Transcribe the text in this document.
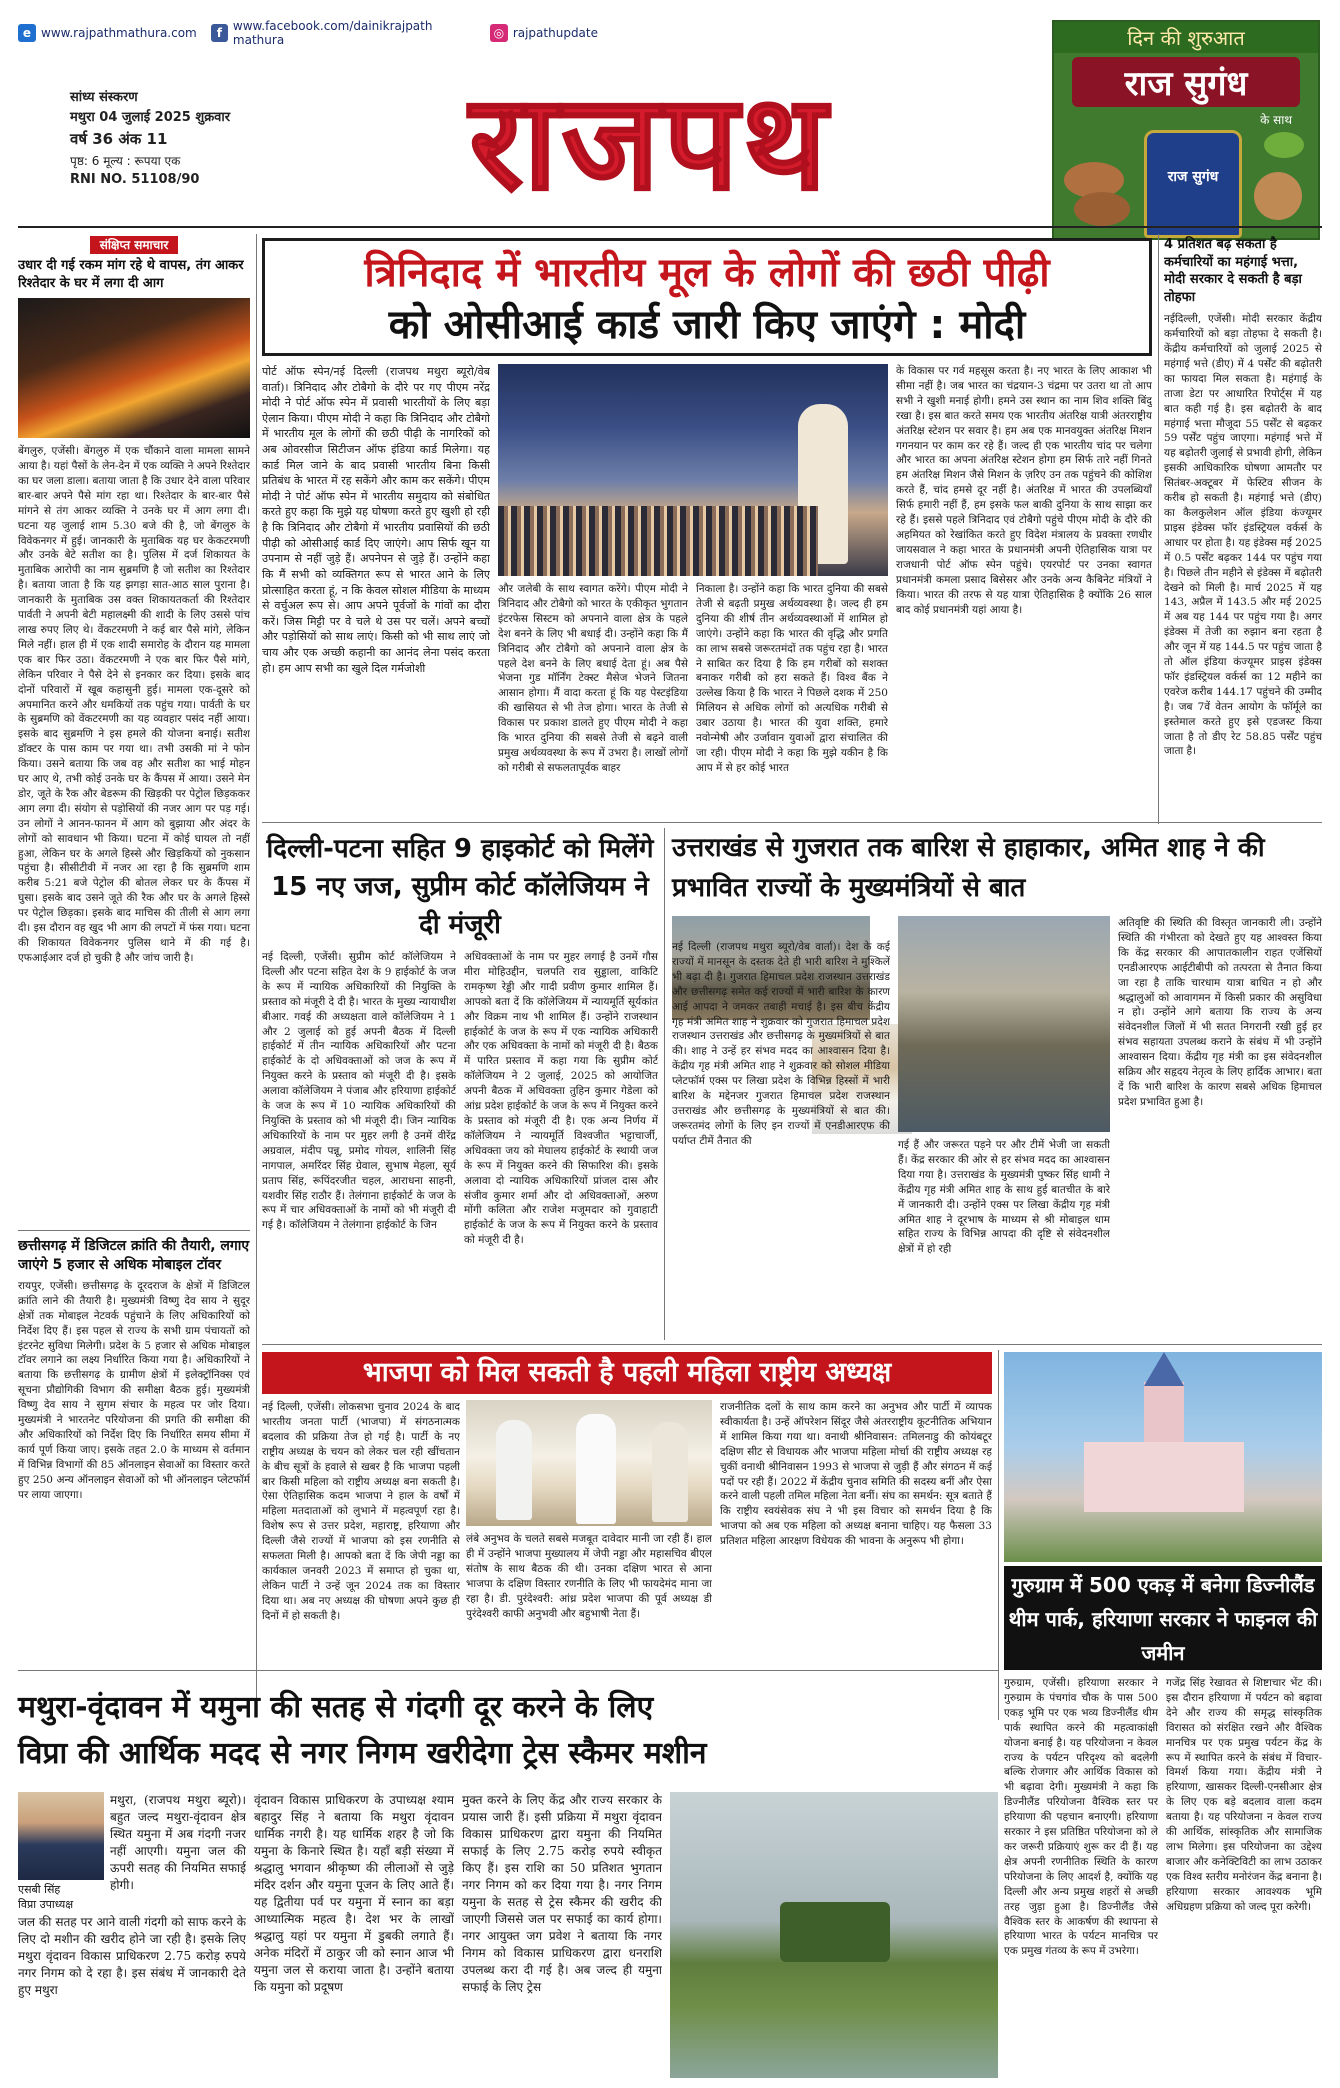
e www.rajpathmathura.com	f www.facebook.com/dainikrajpath mathura	◎ rajpathupdate
सांध्य संस्करण
मथुरा 04 जुलाई 2025 शुक्रवार
वर्ष 36 अंक 11
पृष्ठ: 6 मूल्य : रूपया एक
RNI NO. 51108/90	राजपथ
दिन की शुरुआत
राज सुगंध
के साथ
राज सुगंध
संक्षिप्त समाचार
उधार दी गई रकम मांग रहे थे वापस, तंग आकर रिश्तेदार के घर में लगा दी आग
बेंगलुरु, एजेंसी। बेंगलुरु में एक चौंकाने वाला मामला सामने आया है। यहां पैसों के लेन-देन में एक व्यक्ति ने अपने रिश्तेदार का घर जला डाला। बताया जाता है कि उधार देने वाला परिवार बार-बार अपने पैसे मांग रहा था। रिश्तेदार के बार-बार पैसे मांगने से तंग आकर व्यक्ति ने उनके घर में आग लगा दी। घटना यह जुलाई शाम 5.30 बजे की है, जो बेंगलुरु के विवेकनगर में हुई। जानकारी के मुताबिक यह घर केकटरमणी और उनके बेटे सतीश का है। पुलिस में दर्ज शिकायत के मुताबिक आरोपी का नाम सुब्रमणि है जो सतीश का रिश्तेदार है। बताया जाता है कि यह झगड़ा सात-आठ साल पुराना है। जानकारी के मुताबिक उस वक्त शिकायतकर्ता की रिश्तेदार पार्वती ने अपनी बेटी महालक्ष्मी की शादी के लिए उससे पांच लाख रुपए लिए थे। वेंकटरमणी ने कई बार पैसे मांगे, लेकिन मिले नहीं। हाल ही में एक शादी समारोह के दौरान यह मामला एक बार फिर उठा। वेंकटरमणी ने एक बार फिर पैसे मांगे, लेकिन परिवार ने पैसे देने से इनकार कर दिया। इसके बाद दोनों परिवारों में खूब कहासुनी हुई। मामला एक-दूसरे को अपमानित करने और धमकियों तक पहुंच गया। पार्वती के घर के सुब्रमणि को वेंकटरमणी का यह व्यवहार पसंद नहीं आया। इसके बाद सुब्रमणि ने इस हमले की योजना बनाई। सतीश डॉक्टर के पास काम पर गया था। तभी उसकी मां ने फोन किया। उसने बताया कि जब वह और सतीश का भाई मोहन घर आए थे, तभी कोई उनके घर के कैंपस में आया। उसने मेन डोर, जूते के रैक और बेडरूम की खिड़की पर पेट्रोल छिड़ककर आग लगा दी। संयोग से पड़ोसियों की नजर आग पर पड़ गई। उन लोगों ने आनन-फानन में आग को बुझाया और अंदर के लोगों को सावधान भी किया। घटना में कोई घायल तो नहीं हुआ, लेकिन घर के अगले हिस्से और खिड़कियों को नुकसान पहुंचा है। सीसीटीवी में नजर आ रहा है कि सुब्रमणि शाम करीब 5:21 बजे पेट्रोल की बोतल लेकर घर के कैंपस में घुसा। इसके बाद उसने जूते की रैक और घर के अगले हिस्से पर पेट्रोल छिड़का। इसके बाद माचिस की तीली से आग लगा दी। इस दौरान वह खुद भी आग की लपटों में फंस गया। घटना की शिकायत विवेकनगर पुलिस थाने में की गई है। एफआईआर दर्ज हो चुकी है और जांच जारी है।
छत्तीसगढ़ में डिजिटल क्रांति की तैयारी, लगाए जाएंगे 5 हजार से अधिक मोबाइल टॉवर
रायपुर, एजेंसी। छत्तीसगढ़ के दूरदराज के क्षेत्रों में डिजिटल क्रांति लाने की तैयारी है। मुख्यमंत्री विष्णु देव साय ने सुदूर क्षेत्रों तक मोबाइल नेटवर्क पहुंचाने के लिए अधिकारियों को निर्देश दिए हैं। इस पहल से राज्य के सभी ग्राम पंचायतों को इंटरनेट सुविधा मिलेगी। प्रदेश के 5 हजार से अधिक मोबाइल टॉवर लगाने का लक्ष्य निर्धारित किया गया है। अधिकारियों ने बताया कि छत्तीसगढ़ के ग्रामीण क्षेत्रों में इलेक्ट्रॉनिक्स एवं सूचना प्रौद्योगिकी विभाग की समीक्षा बैठक हुई। मुख्यमंत्री विष्णु देव साय ने सुगम संचार के महत्व पर जोर दिया। मुख्यमंत्री ने भारतनेट परियोजना की प्रगति की समीक्षा की और अधिकारियों को निर्देश दिए कि निर्धारित समय सीमा में कार्य पूर्ण किया जाए। इसके तहत 2.0 के माध्यम से वर्तमान में विभिन्न विभागों की 85 ऑनलाइन सेवाओं का विस्तार करते हुए 250 अन्य ऑनलाइन सेवाओं को भी ऑनलाइन प्लेटफॉर्म पर लाया जाएगा।
त्रिनिदाद में भारतीय मूल के लोगों की छठी पीढ़ी
को ओसीआई कार्ड जारी किए जाएंगे : मोदी
पोर्ट ऑफ स्पेन/नई दिल्ली (राजपथ मथुरा ब्यूरो/वेब वार्ता)। त्रिनिदाद और टोबैगो के दौरे पर गए पीएम नरेंद्र मोदी ने पोर्ट ऑफ स्पेन में प्रवासी भारतीयों के लिए बड़ा ऐलान किया। पीएम मोदी ने कहा कि त्रिनिदाद और टोबैगो में भारतीय मूल के लोगों की छठी पीढ़ी के नागरिकों को अब ओवरसीज सिटीजन ऑफ इंडिया कार्ड मिलेगा। यह कार्ड मिल जाने के बाद प्रवासी भारतीय बिना किसी प्रतिबंध के भारत में रह सकेंगे और काम कर सकेंगे। पीएम मोदी ने पोर्ट ऑफ स्पेन में भारतीय समुदाय को संबोधित करते हुए कहा कि मुझे यह घोषणा करते हुए खुशी हो रही है कि त्रिनिदाद और टोबैगो में भारतीय प्रवासियों की छठी पीढ़ी को ओसीआई कार्ड दिए जाएंगे। आप सिर्फ खून या उपनाम से नहीं जुड़े हैं। अपनेपन से जुड़े हैं। उन्होंने कहा कि मैं सभी को व्यक्तिगत रूप से भारत आने के लिए प्रोत्साहित करता हूं, न कि केवल सोशल मीडिया के माध्यम से वर्चुअल रूप से। आप अपने पूर्वजों के गांवों का दौरा करें। जिस मिट्टी पर वे चले थे उस पर चलें। अपने बच्चों और पड़ोसियों को साथ लाएं। किसी को भी साथ लाएं जो चाय और एक अच्छी कहानी का आनंद लेना पसंद करता हो। हम आप सभी का खुले दिल गर्मजोशी
और जलेबी के साथ स्वागत करेंगे। पीएम मोदी ने त्रिनिदाद और टोबैगो को भारत के एकीकृत भुगतान इंटरफेस सिस्टम को अपनाने वाला क्षेत्र के पहले देश बनने के लिए भी बधाई दी। उन्होंने कहा कि मैं त्रिनिदाद और टोबैगो को अपनाने वाला क्षेत्र के पहले देश बनने के लिए बधाई देता हूं। अब पैसे भेजना गुड मॉर्निंग टेक्स्ट मैसेज भेजने जितना आसान होगा। मैं वादा करता हूं कि यह पेस्टइंडिया की खासियत से भी तेज होगा। भारत के तेजी से विकास पर प्रकाश डालते हुए पीएम मोदी ने कहा कि भारत दुनिया की सबसे तेजी से बढ़ने वाली प्रमुख अर्थव्यवस्था के रूप में उभरा है। लाखों लोगों को गरीबी से सफलतापूर्वक बाहर
निकाला है। उन्होंने कहा कि भारत दुनिया की सबसे तेजी से बढ़ती प्रमुख अर्थव्यवस्था है। जल्द ही हम दुनिया की शीर्ष तीन अर्थव्यवस्थाओं में शामिल हो जाएंगे। उन्होंने कहा कि भारत की वृद्धि और प्रगति का लाभ सबसे जरूरतमंदों तक पहुंच रहा है। भारत ने साबित कर दिया है कि हम गरीबों को सशक्त बनाकर गरीबी को हरा सकते हैं। विश्व बैंक ने उल्लेख किया है कि भारत ने पिछले दशक में 250 मिलियन से अधिक लोगों को अत्यधिक गरीबी से उबार उठाया है। भारत की युवा शक्ति, हमारे नवोन्मेषी और उर्जावान युवाओं द्वारा संचालित की जा रही। पीएम मोदी ने कहा कि मुझे यकीन है कि आप में से हर कोई भारत
के विकास पर गर्व महसूस करता है। नए भारत के लिए आकाश भी सीमा नहीं है। जब भारत का चंद्रयान-3 चंद्रमा पर उतरा था तो आप सभी ने खुशी मनाई होगी। हमने उस स्थान का नाम शिव शक्ति बिंदु रखा है। इस बात करते समय एक भारतीय अंतरिक्ष यात्री अंतरराष्ट्रीय अंतरिक्ष स्टेशन पर सवार है। हम अब एक मानवयुक्त अंतरिक्ष मिशन गगनयान पर काम कर रहे हैं। जल्द ही एक भारतीय चांद पर चलेगा और भारत का अपना अंतरिक्ष स्टेशन होगा हम सिर्फ तारे नहीं गिनते हम अंतरिक्ष मिशन जैसे मिशन के ज़रिए उन तक पहुंचने की कोशिश करते हैं, चांद हमसे दूर नहीं है। अंतरिक्ष में भारत की उपलब्धियाँ सिर्फ हमारी नहीं हैं, हम इसके फल बाकी दुनिया के साथ साझा कर रहे हैं। इससे पहले त्रिनिदाद एवं टोबैगो पहुंचे पीएम मोदी के दौरे की अहमियत को रेखांकित करते हुए विदेश मंत्रालय के प्रवक्ता रणधीर जायसवाल ने कहा भारत के प्रधानमंत्री अपनी ऐतिहासिक यात्रा पर राजधानी पोर्ट ऑफ स्पेन पहुंचे। एयरपोर्ट पर उनका स्वागत प्रधानमंत्री कमला प्रसाद बिसेसर और उनके अन्य कैबिनेट मंत्रियों ने किया। भारत की तरफ से यह यात्रा ऐतिहासिक है क्योंकि 26 साल बाद कोई प्रधानमंत्री यहां आया है।
4 प्रतिशत बढ़ सकता है कर्मचारियों का महंगाई भत्ता, मोदी सरकार दे सकती है बड़ा तोहफा
नईदिल्ली, एजेंसी। मोदी सरकार केंद्रीय कर्मचारियों को बड़ा तोहफा दे सकती है। केंद्रीय कर्मचारियों को जुलाई 2025 से महंगाई भत्ते (डीए) में 4 पर्सेंट की बढ़ोतरी का फायदा मिल सकता है। महंगाई के ताजा डेटा पर आधारित रिपोर्ट्स में यह बात कही गई है। इस बढ़ोतरी के बाद महंगाई भत्ता मौजूदा 55 पर्सेंट से बढ़कर 59 पर्सेंट पहुंच जाएगा। महंगाई भत्ते में यह बढ़ोतरी जुलाई से प्रभावी होगी, लेकिन इसकी आधिकारिक घोषणा आमतौर पर सितंबर-अक्टूबर में फेस्टिव सीजन के करीब हो सकती है। महंगाई भत्ते (डीए) का कैलकुलेशन ऑल इंडिया कंज्यूमर प्राइस इंडेक्स फॉर इंडस्ट्रियल वर्कर्स के आधार पर होता है। यह इंडेक्स मई 2025 में 0.5 पर्सेंट बढ़कर 144 पर पहुंच गया है। पिछले तीन महीने से इंडेक्स में बढ़ोतरी देखने को मिली है। मार्च 2025 में यह 143, अप्रैल में 143.5 और मई 2025 में अब यह 144 पर पहुंच गया है। अगर इंडेक्स में तेजी का रुझान बना रहता है और जून में यह 144.5 पर पहुंच जाता है तो ऑल इंडिया कंज्यूमर प्राइस इंडेक्स फॉर इंडस्ट्रियल वर्कर्स का 12 महीने का एवरेज करीब 144.17 पहुंचने की उम्मीद है। जब 7वें वेतन आयोग के फॉर्मूले का इस्तेमाल करते हुए इसे एडजस्ट किया जाता है तो डीए रेट 58.85 पर्सेंट पहुंच जाता है।
दिल्ली-पटना सहित 9 हाइकोर्ट को मिलेंगे 15 नए जज, सुप्रीम कोर्ट कॉलेजियम ने दी मंजूरी
नई दिल्ली, एजेंसी। सुप्रीम कोर्ट कॉलेजियम ने दिल्ली और पटना सहित देश के 9 हाईकोर्ट के जज के रूप में न्यायिक अधिकारियों की नियुक्ति के प्रस्ताव को मंजूरी दे दी है। भारत के मुख्य न्यायाधीश बीआर. गवई की अध्यक्षता वाले कॉलेजियम ने 1 और 2 जुलाई को हुई अपनी बैठक में दिल्ली हाईकोर्ट में तीन न्यायिक अधिकारियों और पटना हाईकोर्ट के दो अधिवक्ताओं को जज के रूप में नियुक्त करने के प्रस्ताव को मंजूरी दी है। इसके अलावा कॉलेजियम ने पंजाब और हरियाणा हाईकोर्ट के जज के रूप में 10 न्यायिक अधिकारियों की नियुक्ति के प्रस्ताव को भी मंजूरी दी। जिन न्यायिक अधिकारियों के नाम पर मुहर लगी है उनमें वीरेंद्र अग्रवाल, मंदीप पन्नू, प्रमोद गोयल, शालिनी सिंह नागपाल, अमरिंदर सिंह ग्रेवाल, सुभाष मेहला, सूर्य प्रताप सिंह, रूपिंदरजीत चहल, आराधना साहनी, यशवीर सिंह राठौर हैं। तेलंगाना हाईकोर्ट के जज के रूप में चार अधिवक्ताओं के नामों को भी मंजूरी दी गई है। कॉलेजियम ने तेलंगाना हाईकोर्ट के जिन
अधिवक्ताओं के नाम पर मुहर लगाई है उनमें गौस मीरा मोहिउद्दीन, चलपति राव सुड्डाला, वाकिटि रामकृष्ण रेड्डी और गादी प्रवीण कुमार शामिल हैं। आपको बता दें कि कॉलेजियम में न्यायमूर्ति सूर्यकांत और विक्रम नाथ भी शामिल हैं। उन्होंने राजस्थान हाईकोर्ट के जज के रूप में एक न्यायिक अधिकारी और एक अधिवक्ता के नामों को मंजूरी दी है। बैठक में पारित प्रस्ताव में कहा गया कि सुप्रीम कोर्ट कॉलेजियम ने 2 जुलाई, 2025 को आयोजित अपनी बैठक में अधिवक्ता तुहिन कुमार गेडेला को आंध्र प्रदेश हाईकोर्ट के जज के रूप में नियुक्त करने के प्रस्ताव को मंजूरी दी है। एक अन्य निर्णय में कॉलेजियम ने न्यायमूर्ति विश्वजीत भट्टाचार्जी, अधिवक्ता जय को मेघालय हाईकोर्ट के स्थायी जज के रूप में नियुक्त करने की सिफारिश की। इसके अलावा दो न्यायिक अधिकारियों प्रांजल दास और संजीव कुमार शर्मा और दो अधिवक्ताओं, अरुण मोंगी कलिता और राजेश मजूमदार को गुवाहाटी हाईकोर्ट के जज के रूप में नियुक्त करने के प्रस्ताव को मंजूरी दी है।
उत्तराखंड से गुजरात तक बारिश से हाहाकार, अमित शाह ने की प्रभावित राज्यों के मुख्यमंत्रियों से बात
नई दिल्ली (राजपथ मथुरा ब्यूरो/वेब वार्ता)। देश के कई राज्यों में मानसून के दस्तक देते ही भारी बारिश ने मुश्किलें भी बढ़ा दी है। गुजरात हिमाचल प्रदेश राजस्थान उत्तराखंड और छत्तीसगढ़ समेत कई राज्यों में भारी बारिश के कारण आई आपदा ने जमकर तबाही मचाई है। इस बीच केंद्रीय गृह मंत्री अमित शाह ने शुक्रवार को गुजरात हिमाचल प्रदेश राजस्थान उत्तराखंड और छत्तीसगढ़ के मुख्यमंत्रियों से बात की। शाह ने उन्हें हर संभव मदद का आश्वासन दिया है। केंद्रीय गृह मंत्री अमित शाह ने शुक्रवार को सोशल मीडिया प्लेटफॉर्म एक्स पर लिखा प्रदेश के विभिन्न हिस्सों में भारी बारिश के मद्देनजर गुजरात हिमाचल प्रदेश राजस्थान उत्तराखंड और छत्तीसगढ़ के मुख्यमंत्रियों से बात की। जरूरतमंद लोगों के लिए इन राज्यों में एनडीआरएफ की पर्याप्त टीमें तैनात की	गई हैं और जरूरत पड़ने पर और टीमें भेजी जा सकती हैं। केंद्र सरकार की ओर से हर संभव मदद का आश्वासन दिया गया है। उत्तराखंड के मुख्यमंत्री पुष्कर सिंह धामी ने केंद्रीय गृह मंत्री अमित शाह के साथ हुई बातचीत के बारे में जानकारी दी। उन्होंने एक्स पर लिखा केंद्रीय गृह मंत्री अमित शाह ने दूरभाष के माध्यम से श्री मोबाइल धाम सहित राज्य के विभिन्न आपदा की दृष्टि से संवेदनशील क्षेत्रों में हो रही
अतिवृष्टि की स्थिति की विस्तृत जानकारी ली। उन्होंने स्थिति की गंभीरता को देखते हुए यह आश्वस्त किया कि केंद्र सरकार की आपातकालीन राहत एजेंसियों एनडीआरएफ आईटीबीपी को तत्परता से तैनात किया जा रहा है ताकि चारधाम यात्रा बाधित न हो और श्रद्धालुओं को आवागमन में किसी प्रकार की असुविधा न हो। उन्होंने आगे बताया कि राज्य के अन्य संवेदनशील जिलों में भी सतत निगरानी रखी हुई हर संभव सहायता उपलब्ध कराने के संबंध में भी उन्होंने आश्वासन दिया। केंद्रीय गृह मंत्री का इस संवेदनशील सक्रिय और सहृदय नेतृत्व के लिए हार्दिक आभार। बता दें कि भारी बारिश के कारण सबसे अधिक हिमाचल प्रदेश प्रभावित हुआ है।
भाजपा को मिल सकती है पहली महिला राष्ट्रीय अध्यक्ष
नई दिल्ली, एजेंसी। लोकसभा चुनाव 2024 के बाद भारतीय जनता पार्टी (भाजपा) में संगठनात्मक बदलाव की प्रक्रिया तेज हो गई है। पार्टी के नए राष्ट्रीय अध्यक्ष के चयन को लेकर चल रही खींचतान के बीच सूत्रों के हवाले से खबर है कि भाजपा पहली बार किसी महिला को राष्ट्रीय अध्यक्ष बना सकती है। ऐसा ऐतिहासिक कदम भाजपा ने हाल के वर्षों में महिला मतदाताओं को लुभाने में महत्वपूर्ण रहा है। विशेष रूप से उत्तर प्रदेश, महाराष्ट्र, हरियाणा और दिल्ली जैसे राज्यों में भाजपा को इस रणनीति से सफलता मिली है। आपको बता दें कि जेपी नड्डा का कार्यकाल जनवरी 2023 में समाप्त हो चुका था, लेकिन पार्टी ने उन्हें जून 2024 तक का विस्तार दिया था। अब नए अध्यक्ष की घोषणा अपने कुछ ही दिनों में हो सकती है।
लंबे अनुभव के चलते सबसे मजबूत दावेदार मानी जा रही हैं। हाल ही में उन्होंने भाजपा मुख्यालय में जेपी नड्डा और महासचिव बीएल संतोष के साथ बैठक की थी। उनका दक्षिण भारत से आना भाजपा के दक्षिण विस्तार रणनीति के लिए भी फायदेमंद माना जा रहा है। डी. पुरंदेश्वरी: आंध्र प्रदेश भाजपा की पूर्व अध्यक्ष डी पुरंदेश्वरी काफी अनुभवी और बहुभाषी नेता हैं।
राजनीतिक दलों के साथ काम करने का अनुभव और पार्टी में व्यापक स्वीकार्यता है। उन्हें ऑपरेशन सिंदूर जैसे अंतरराष्ट्रीय कूटनीतिक अभियान में शामिल किया गया था। वनाथी श्रीनिवासन: तमिलनाडु की कोयंबटूर दक्षिण सीट से विधायक और भाजपा महिला मोर्चा की राष्ट्रीय अध्यक्ष रह चुकीं वनाथी श्रीनिवासन 1993 से भाजपा से जुड़ी हैं और संगठन में कई पदों पर रही हैं। 2022 में केंद्रीय चुनाव समिति की सदस्य बनीं और ऐसा करने वाली पहली तमिल महिला नेता बनीं। संघ का समर्थन: सूत्र बताते हैं कि राष्ट्रीय स्वयंसेवक संघ ने भी इस विचार को समर्थन दिया है कि भाजपा को अब एक महिला को अध्यक्ष बनाना चाहिए। यह फैसला 33 प्रतिशत महिला आरक्षण विधेयक की भावना के अनुरूप भी होगा।
गुरुग्राम में 500 एकड़ में बनेगा डिज्नीलैंड थीम पार्क, हरियाणा सरकार ने फाइनल की जमीन
गुरुग्राम, एजेंसी। हरियाणा सरकार ने गुरुग्राम के पंचगांव चौक के पास 500 एकड़ भूमि पर एक भव्य डिज्नीलैंड थीम पार्क स्थापित करने की महत्वाकांक्षी योजना बनाई है। यह परियोजना न केवल राज्य के पर्यटन परिदृश्य को बदलेगी बल्कि रोजगार और आर्थिक विकास को भी बढ़ावा देगी। मुख्यमंत्री ने कहा कि डिज्नीलैंड परियोजना वैश्विक स्तर पर हरियाणा की पहचान बनाएगी। हरियाणा सरकार ने इस प्रतिष्ठित परियोजना को ले कर जरूरी प्रक्रियाएं शुरू कर दी हैं। यह क्षेत्र अपनी रणनीतिक स्थिति के कारण परियोजना के लिए आदर्श है, क्योंकि यह दिल्ली और अन्य प्रमुख शहरों से अच्छी तरह जुड़ा हुआ है। डिज्नीलैंड जैसे वैश्विक स्तर के आकर्षण की स्थापना से हरियाणा भारत के पर्यटन मानचित्र पर एक प्रमुख गंतव्य के रूप में उभरेगा।
गजेंद्र सिंह रेखावत से शिष्टाचार भेंट की। इस दौरान हरियाणा में पर्यटन को बढ़ावा देने और राज्य की समृद्ध सांस्कृतिक विरासत को संरक्षित रखने और वैश्विक मानचित्र पर एक प्रमुख पर्यटन केंद्र के रूप में स्थापित करने के संबंध में विचार-विमर्श किया गया। केंद्रीय मंत्री ने हरियाणा, खासकर दिल्ली-एनसीआर क्षेत्र के लिए एक बड़े बदलाव वाला कदम बताया है। यह परियोजना न केवल राज्य की आर्थिक, सांस्कृतिक और सामाजिक लाभ मिलेगा। इस परियोजना का उद्देश्य बाजार और कनेक्टिविटी का लाभ उठाकर एक विश्व स्तरीय मनोरंजन केंद्र बनाना है। हरियाणा सरकार आवश्यक भूमि अधिग्रहण प्रक्रिया को जल्द पूरा करेगी।
मथुरा-वृंदावन में यमुना की सतह से गंदगी दूर करने के लिए
विप्रा की आर्थिक मदद से नगर निगम खरीदेगा ट्रेस स्कैमर मशीन
एसबी सिंह
विप्रा उपाध्यक्ष
मथुरा, (राजपथ मथुरा ब्यूरो)। बहुत जल्द मथुरा-वृंदावन क्षेत्र स्थित यमुना में अब गंदगी नजर नहीं आएगी। यमुना जल की ऊपरी सतह की नियमित सफाई होगी।
जल की सतह पर आने वाली गंदगी को साफ करने के लिए दो मशीन की खरीद होने जा रही है। इसके लिए मथुरा वृंदावन विकास प्राधिकरण 2.75 करोड़ रुपये नगर निगम को दे रहा है। इस संबंध में जानकारी देते हुए मथुरा
वृंदावन विकास प्राधिकरण के उपाध्यक्ष श्याम बहादुर सिंह ने बताया कि मथुरा वृंदावन धार्मिक नगरी है। यह धार्मिक शहर है जो कि यमुना के किनारे स्थित है। यहाँ बड़ी संख्या में श्रद्धालु भगवान श्रीकृष्ण की लीलाओं से जुड़े मंदिर दर्शन और यमुना पूजन के लिए आते हैं। यह द्वितीया पर्व पर यमुना में स्नान का बड़ा आध्यात्मिक महत्व है। देश भर के लाखों श्रद्धालु यहां पर यमुना में डुबकी लगाते हैं। अनेक मंदिरों में ठाकुर जी को स्नान आज भी यमुना जल से कराया जाता है। उन्होंने बताया कि यमुना को प्रदूषण
मुक्त करने के लिए केंद्र और राज्य सरकार के प्रयास जारी हैं। इसी प्रक्रिया में मथुरा वृंदावन विकास प्राधिकरण द्वारा यमुना की नियमित सफाई के लिए 2.75 करोड़ रुपये स्वीकृत किए हैं। इस राशि का 50 प्रतिशत भुगतान नगर निगम को कर दिया गया है। नगर निगम यमुना के सतह से ट्रेस स्कैमर की खरीद की जाएगी जिससे जल पर सफाई का कार्य होगा। नगर आयुक्त जग प्रवेश ने बताया कि नगर निगम को विकास प्राधिकरण द्वारा धनराशि उपलब्ध करा दी गई है। अब जल्द ही यमुना सफाई के लिए ट्रेस
